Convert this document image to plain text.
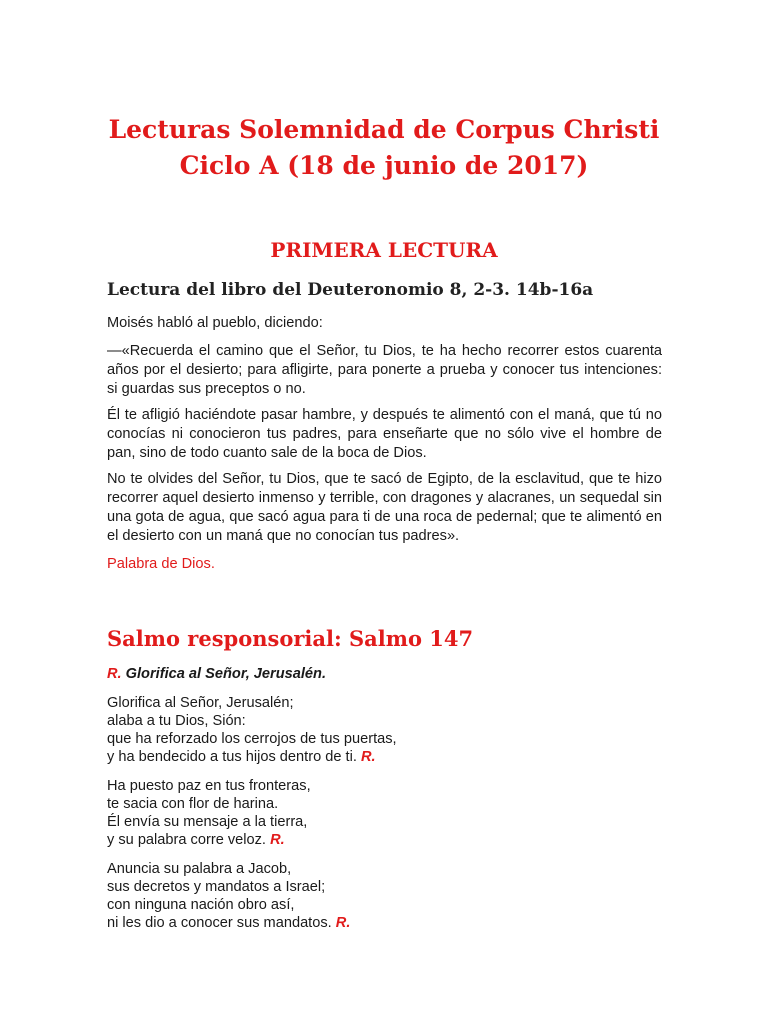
Lecturas Solemnidad de Corpus Christi Ciclo A (18 de junio de 2017)
PRIMERA LECTURA
Lectura del libro del Deuteronomio 8, 2-3. 14b-16a

Moisés habló al pueblo, diciendo:

—«Recuerda el camino que el Señor, tu Dios, te ha hecho recorrer estos cuarenta años por el desierto; para afligirte, para ponerte a prueba y conocer tus intenciones: si guardas sus preceptos o no.

Él te afligió haciéndote pasar hambre, y después te alimentó con el maná, que tú no conocías ni conocieron tus padres, para enseñarte que no sólo vive el hombre de pan, sino de todo cuanto sale de la boca de Dios.

No te olvides del Señor, tu Dios, que te sacó de Egipto, de la esclavitud, que te hizo recorrer aquel desierto inmenso y terrible, con dragones y alacranes, un sequedal sin una gota de agua, que sacó agua para ti de una roca de pedernal; que te alimentó en el desierto con un maná que no conocían tus padres».

Palabra de Dios.

Salmo responsorial: Salmo 147

R. Glorifica al Señor, Jerusalén.

Glorifica al Señor, Jerusalén;
alaba a tu Dios, Sión:
que ha reforzado los cerrojos de tus puertas,
y ha bendecido a tus hijos dentro de ti. R.
Ha puesto paz en tus fronteras,
te sacia con flor de harina.
Él envía su mensaje a la tierra,
y su palabra corre veloz. R.
Anuncia su palabra a Jacob,
sus decretos y mandatos a Israel;
con ninguna nación obro así,
ni les dio a conocer sus mandatos. R.
